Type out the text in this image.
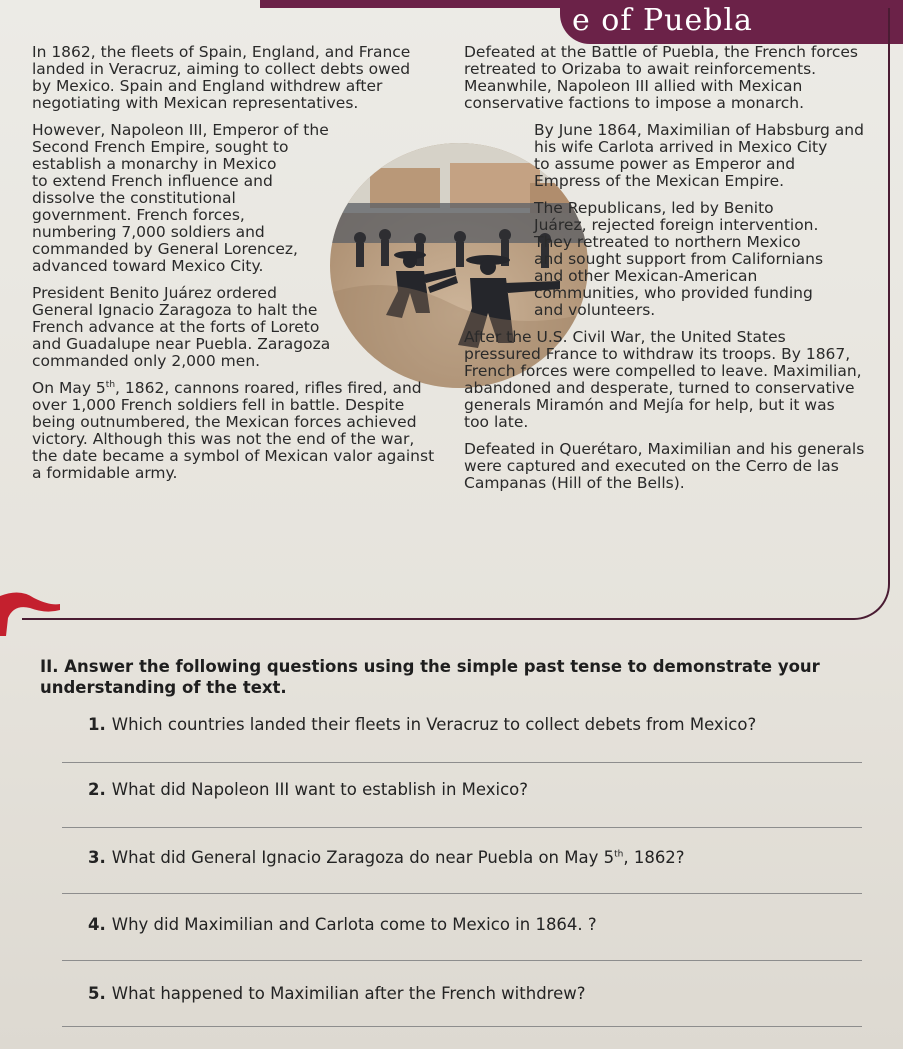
e of Puebla

In 1862, the fleets of Spain, England, and France
landed in Veracruz, aiming to collect debts owed
by Mexico. Spain and England withdrew after
negotiating with Mexican representatives.

However, Napoleon III, Emperor of the
Second French Empire, sought to
establish a monarchy in Mexico
to extend French influence and
dissolve the constitutional
government. French forces,
numbering 7,000 soldiers and
commanded by General Lorencez,
advanced toward Mexico City.

President Benito Juárez ordered
General Ignacio Zaragoza to halt the
French advance at the forts of Loreto
and Guadalupe near Puebla. Zaragoza
commanded only 2,000 men.

On May 5th, 1862, cannons roared, rifles fired, and
over 1,000 French soldiers fell in battle. Despite
being outnumbered, the Mexican forces achieved
victory. Although this was not the end of the war,
the date became a symbol of Mexican valor against
a formidable army.

Defeated at the Battle of Puebla, the French forces
retreated to Orizaba to await reinforcements.
Meanwhile, Napoleon III allied with Mexican
conservative factions to impose a monarch.

By June 1864, Maximilian of Habsburg and
his wife Carlota arrived in Mexico City
to assume power as Emperor and
Empress of the Mexican Empire.

The Republicans, led by Benito
Juárez, rejected foreign intervention.
They retreated to northern Mexico
and sought support from Californians
and other Mexican-American
communities, who provided funding
and volunteers.

After the U.S. Civil War, the United States
pressured France to withdraw its troops. By 1867,
French forces were compelled to leave. Maximilian,
abandoned and desperate, turned to conservative
generals Miramón and Mejía for help, but it was
too late.

Defeated in Querétaro, Maximilian and his generals
were captured and executed on the Cerro de las
Campanas (Hill of the Bells).

II. Answer the following questions using the simple past tense to demonstrate your
understanding of the text.
1. Which countries landed their fleets in Veracruz to collect debets from Mexico?
2. What did Napoleon III want to establish in Mexico?
3. What did General Ignacio Zaragoza do near Puebla on May 5th, 1862?
4. Why did Maximilian and Carlota come to Mexico in 1864. ?
5. What happened to Maximilian after the French withdrew?
